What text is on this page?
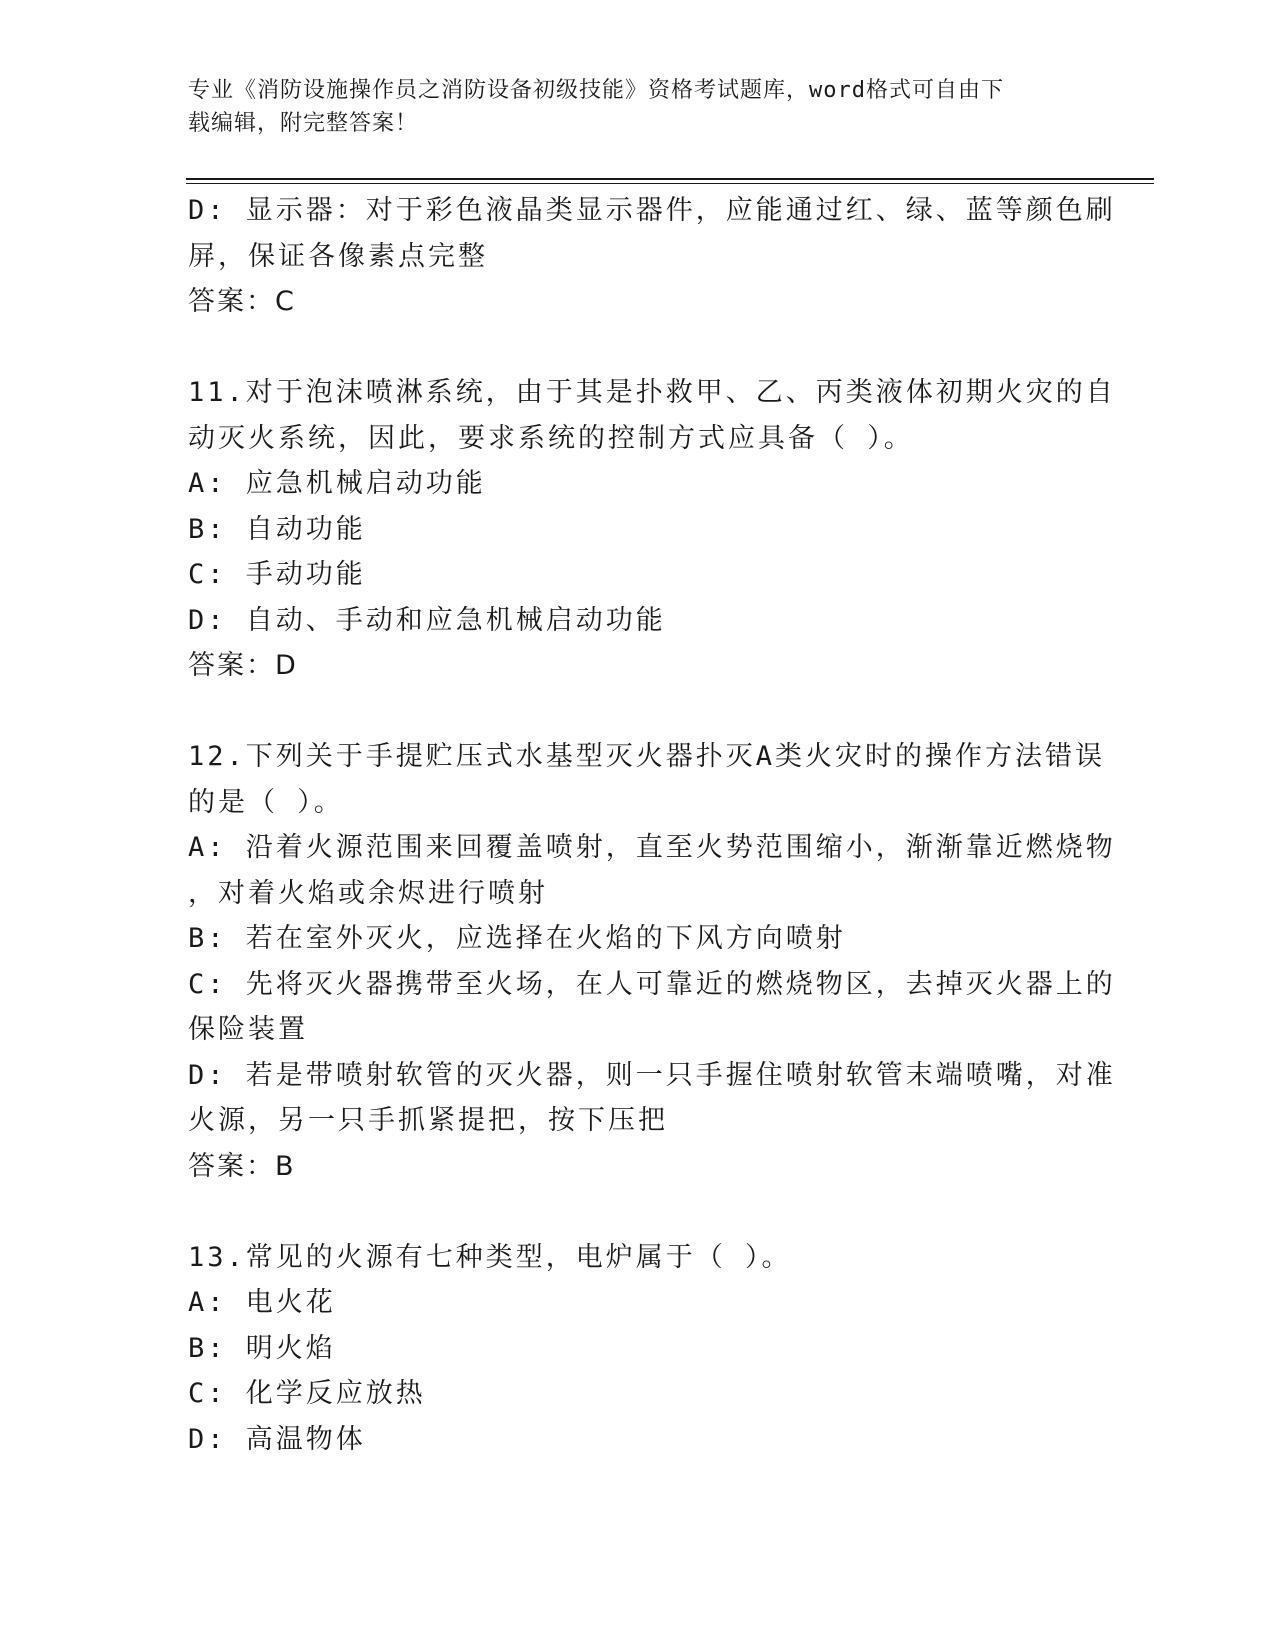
专业《消防设施操作员之消防设备初级技能》资格考试题库，word格式可自由下
载编辑，附完整答案！
D: 显示器：对于彩色液晶类显示器件，应能通过红、绿、蓝等颜色刷
屏，保证各像素点完整
答案：C
11.对于泡沫喷淋系统，由于其是扑救甲、乙、丙类液体初期火灾的自
动灭火系统，因此，要求系统的控制方式应具备（ ）。
A: 应急机械启动功能
B: 自动功能
C: 手动功能
D: 自动、手动和应急机械启动功能
答案：D
12.下列关于手提贮压式水基型灭火器扑灭A类火灾时的操作方法错误
的是（ ）。
A: 沿着火源范围来回覆盖喷射，直至火势范围缩小，渐渐靠近燃烧物
，对着火焰或余烬进行喷射
B: 若在室外灭火，应选择在火焰的下风方向喷射
C: 先将灭火器携带至火场，在人可靠近的燃烧物区，去掉灭火器上的
保险装置
D: 若是带喷射软管的灭火器，则一只手握住喷射软管末端喷嘴，对准
火源，另一只手抓紧提把，按下压把
答案：B
13.常见的火源有七种类型，电炉属于（ ）。
A: 电火花
B: 明火焰
C: 化学反应放热
D: 高温物体
